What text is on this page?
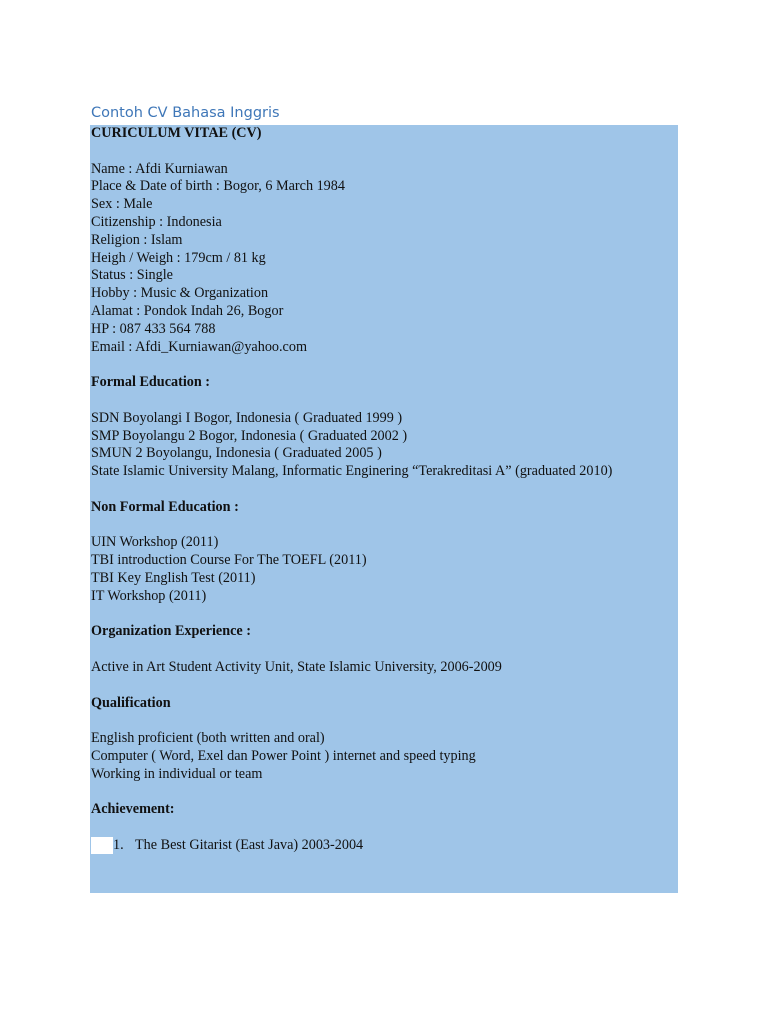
Contoh CV Bahasa Inggris
CURICULUM VITAE (CV)
Name : Afdi Kurniawan
Place & Date of birth : Bogor, 6 March 1984
Sex : Male
Citizenship : Indonesia
Religion : Islam
Heigh / Weigh : 179cm / 81 kg
Status : Single
Hobby : Music & Organization
Alamat : Pondok Indah 26, Bogor
HP : 087 433 564 788
Email : Afdi_Kurniawan@yahoo.com
Formal Education :
SDN Boyolangi I Bogor, Indonesia ( Graduated 1999 )
SMP Boyolangu 2 Bogor, Indonesia ( Graduated 2002 )
SMUN 2 Boyolangu, Indonesia ( Graduated 2005 )
State Islamic University Malang, Informatic Enginering “Terakreditasi A” (graduated 2010)
Non Formal Education :
UIN Workshop (2011)
TBI introduction Course For The TOEFL (2011)
TBI Key English Test (2011)
IT Workshop (2011)
Organization Experience :
Active in Art Student Activity Unit, State Islamic University, 2006-2009
Qualification
English proficient (both written and oral)
Computer ( Word, Exel dan Power Point ) internet and speed typing
Working in individual or team
Achievement:
1. The Best Gitarist (East Java) 2003-2004
